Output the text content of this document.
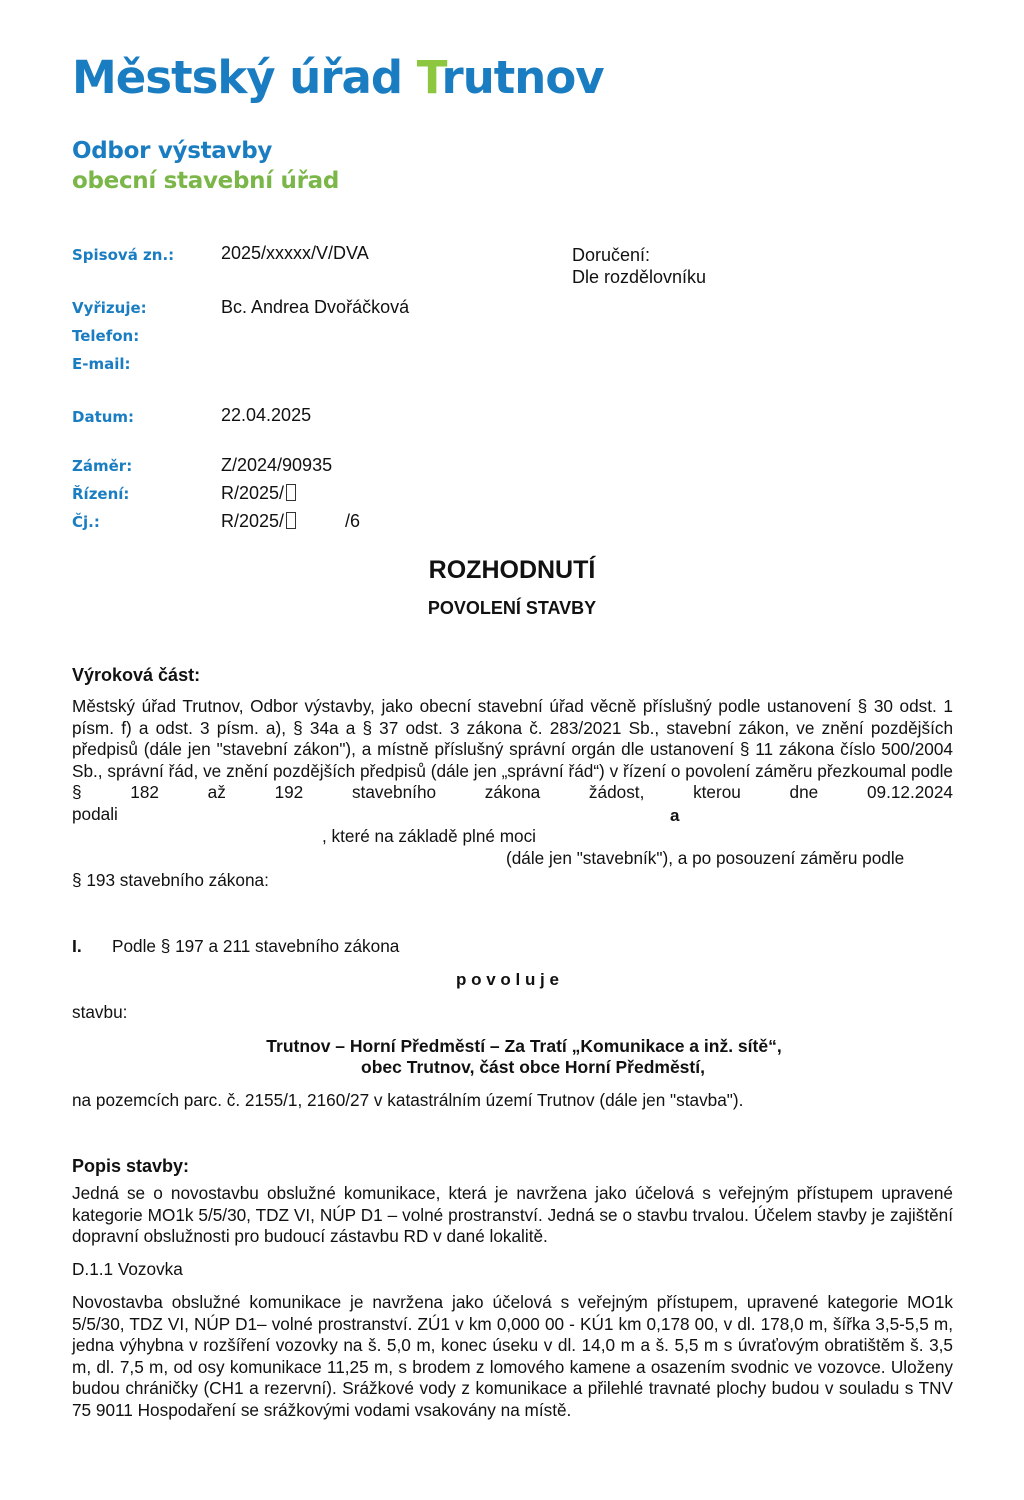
Městský úřad Trutnov
Odbor výstavby
obecní stavební úřad
Spisová zn.:	2025/xxxxx/V/DVA	Doručení:
Dle rozdělovníku
Vyřizuje:	Bc. Andrea Dvořáčková
Telefon:
E-mail:
Datum:	22.04.2025
Záměr:	Z/2024/90935
Řízení:	R/2025/
Čj.:	R/2025/	/6
ROZHODNUTÍ
POVOLENÍ STAVBY
Výroková část:
Městský úřad Trutnov, Odbor výstavby, jako obecní stavební úřad věcně příslušný podle ustanovení § 30 odst. 1 písm. f) a odst. 3 písm. a), § 34a a § 37 odst. 3 zákona č. 283/2021 Sb., stavební zákon, ve znění pozdějších předpisů (dále jen "stavební zákon"), a místně příslušný správní orgán dle ustanovení § 11 zákona číslo 500/2004 Sb., správní řád, ve znění pozdějších předpisů (dále jen „správní řád“) v řízení o povolení záměru přezkoumal podle § 182 až 192 stavebního zákona žádost, kterou dne 09.12.2024
podali	a
, které na základě plné moci
(dále jen "stavebník"), a po posouzení záměru podle
§ 193 stavebního zákona:
I. Podle § 197 a 211 stavebního zákona
p o v o l u j e
stavbu:
Trutnov – Horní Předměstí – Za Tratí „Komunikace a inž. sítě“,
obec Trutnov, část obce Horní Předměstí,
na pozemcích parc. č. 2155/1, 2160/27 v katastrálním území Trutnov (dále jen "stavba").
Popis stavby:
Jedná se o novostavbu obslužné komunikace, která je navržena jako účelová s veřejným přístupem upravené kategorie MO1k 5/5/30, TDZ VI, NÚP D1 – volné prostranství. Jedná se o stavbu trvalou. Účelem stavby je zajištění dopravní obslužnosti pro budoucí zástavbu RD v dané lokalitě.
D.1.1 Vozovka
Novostavba obslužné komunikace je navržena jako účelová s veřejným přístupem, upravené kategorie MO1k 5/5/30, TDZ VI, NÚP D1– volné prostranství. ZÚ1 v km 0,000 00 - KÚ1 km 0,178 00, v dl. 178,0 m, šířka 3,5-5,5 m, jedna výhybna v rozšíření vozovky na š. 5,0 m, konec úseku v dl. 14,0 m a š. 5,5 m s úvraťovým obratištěm š. 3,5 m, dl. 7,5 m, od osy komunikace 11,25 m, s brodem z lomového kamene a osazením svodnic ve vozovce. Uloženy budou chráničky (CH1 a rezervní). Srážkové vody z komunikace a přilehlé travnaté plochy budou v souladu s TNV 75 9011 Hospodaření se srážkovými vodami vsakovány na místě.
